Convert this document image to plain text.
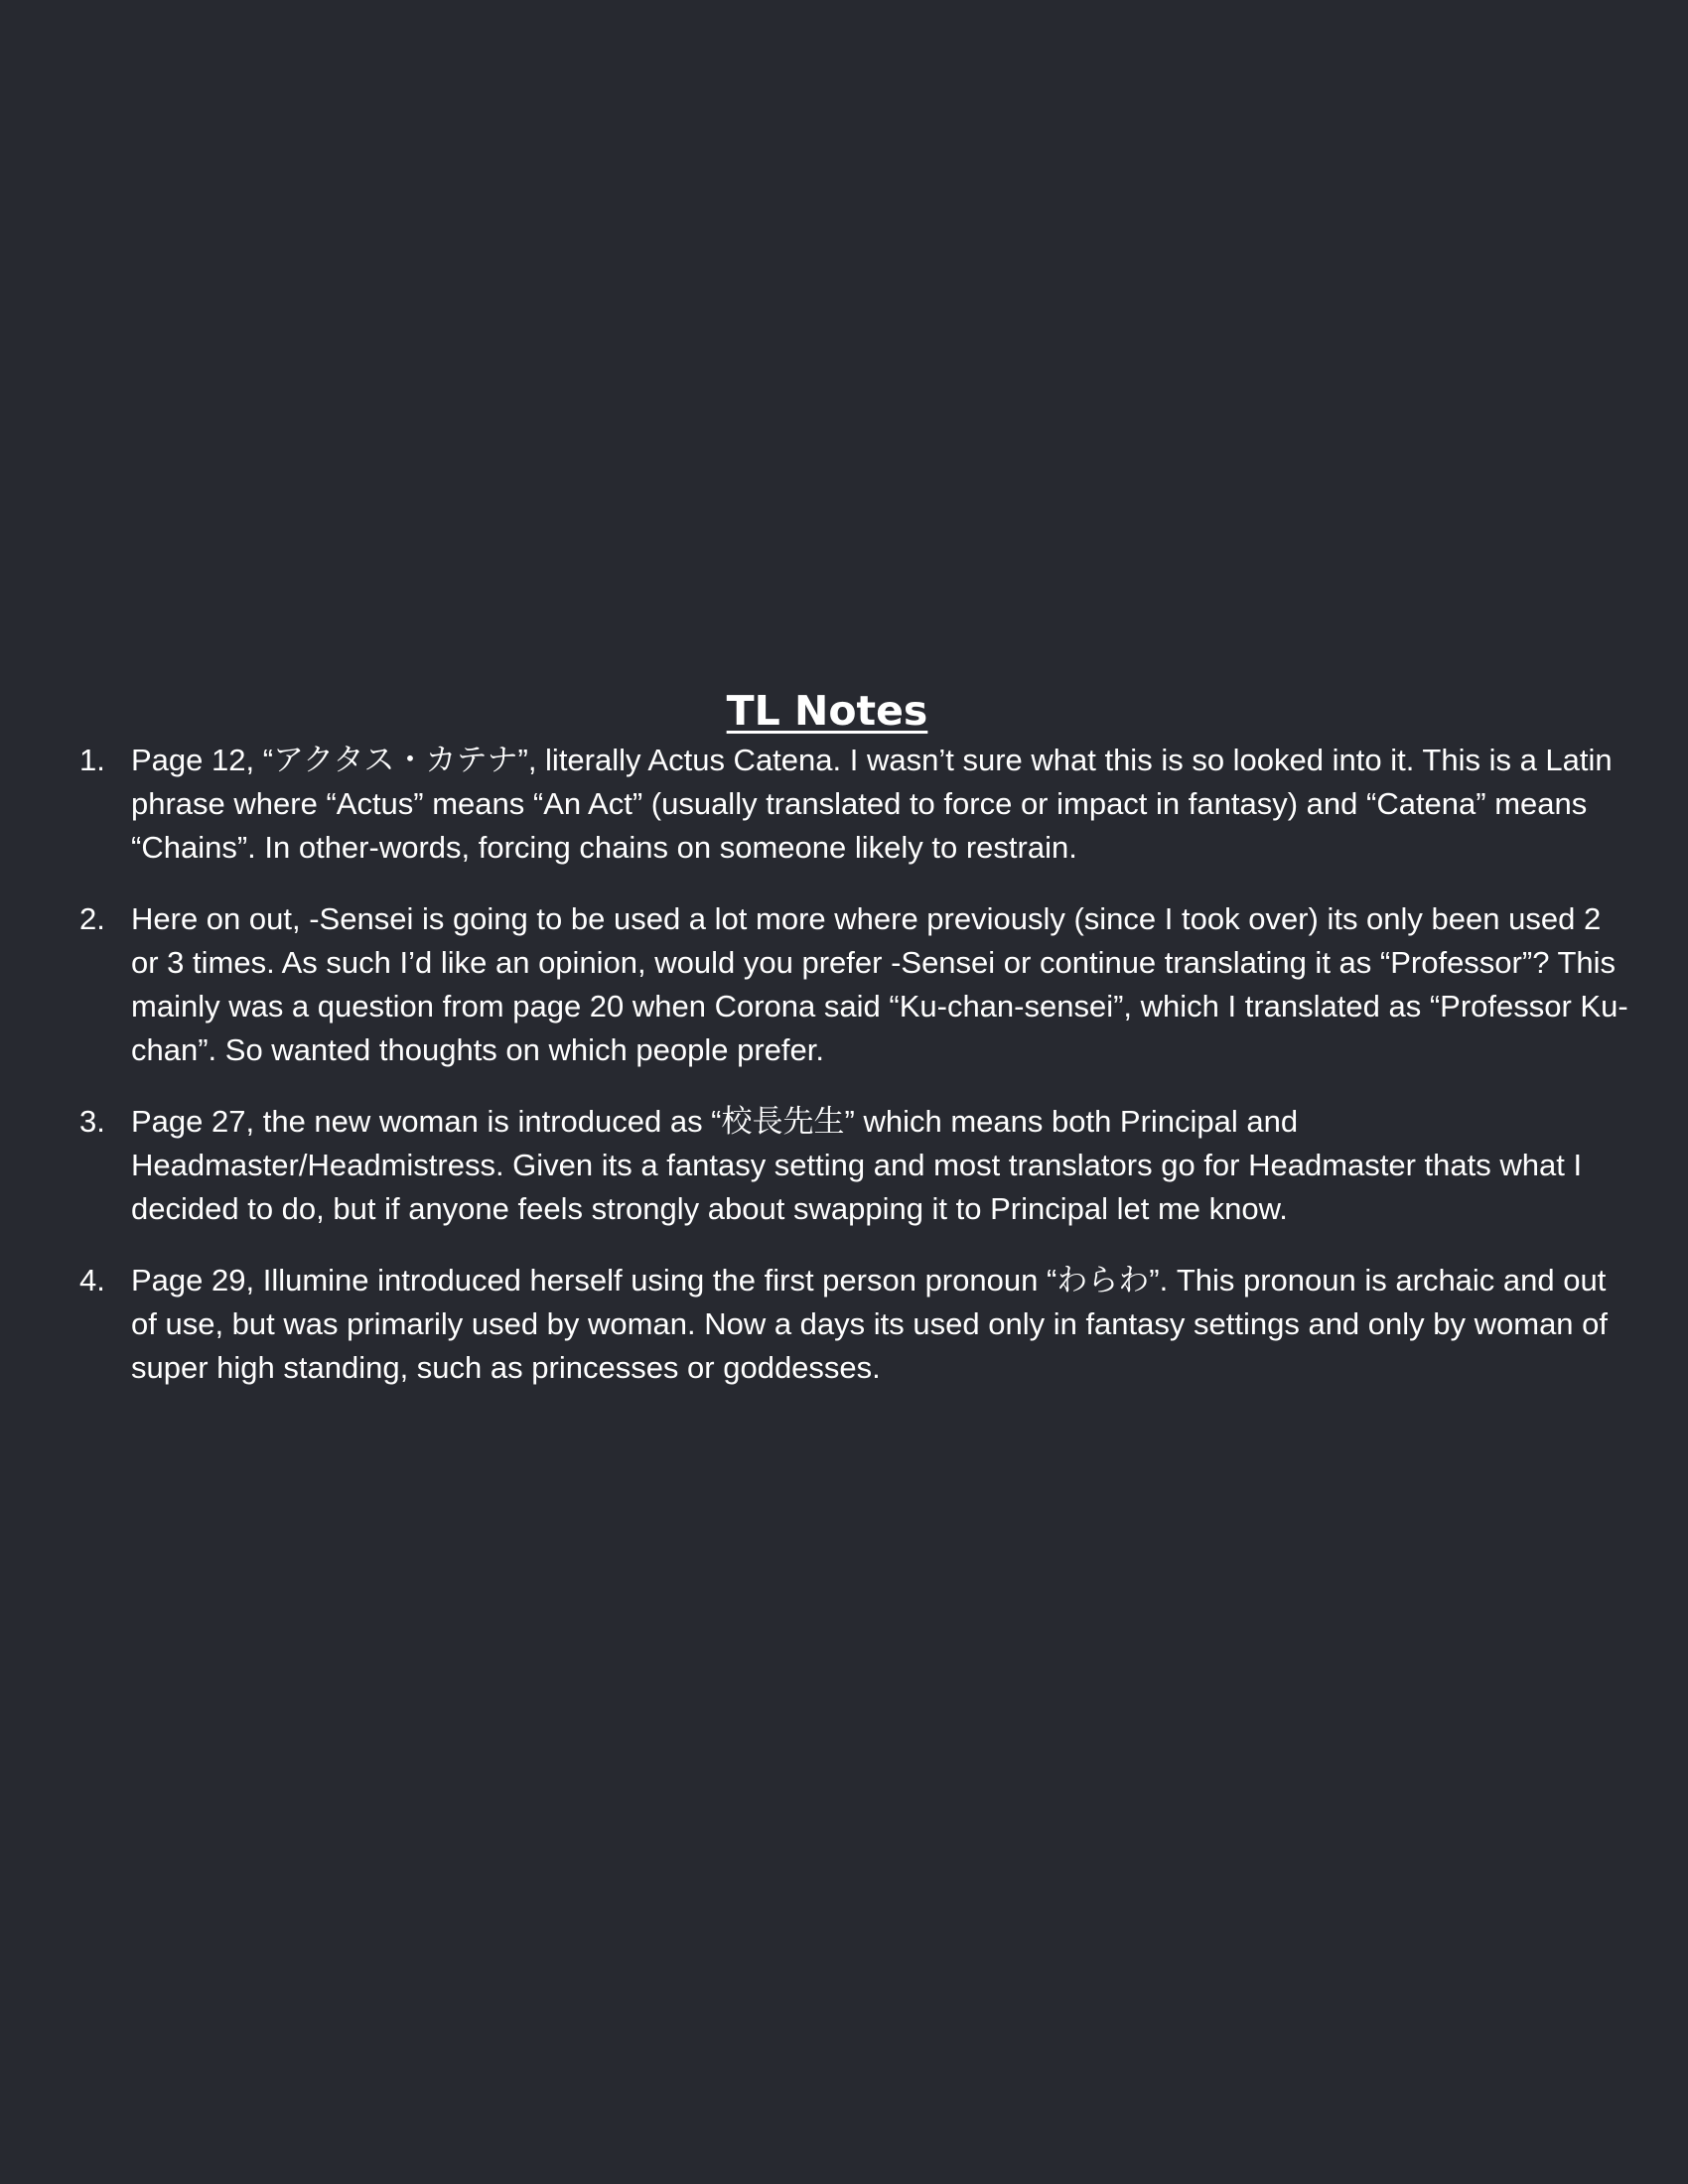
TL Notes
1. Page 12, “アクタス・カテナ”, literally Actus Catena. I wasn’t sure what this is so looked into it. This is a Latin phrase where “Actus” means “An Act” (usually translated to force or impact in fantasy) and “Catena” means “Chains”. In other-words, forcing chains on someone likely to restrain.
2. Here on out, -Sensei is going to be used a lot more where previously (since I took over) its only been used 2 or 3 times. As such I’d like an opinion, would you prefer -Sensei or continue translating it as “Professor”? This mainly was a question from page 20 when Corona said “Ku-chan-sensei”, which I translated as “Professor Ku-chan”. So wanted thoughts on which people prefer.
3. Page 27, the new woman is introduced as “校長先生” which means both Principal and Headmaster/Headmistress. Given its a fantasy setting and most translators go for Headmaster thats what I decided to do, but if anyone feels strongly about swapping it to Principal let me know.
4. Page 29, Illumine introduced herself using the first person pronoun “わらわ”. This pronoun is archaic and out of use, but was primarily used by woman. Now a days its used only in fantasy settings and only by woman of super high standing, such as princesses or goddesses.
